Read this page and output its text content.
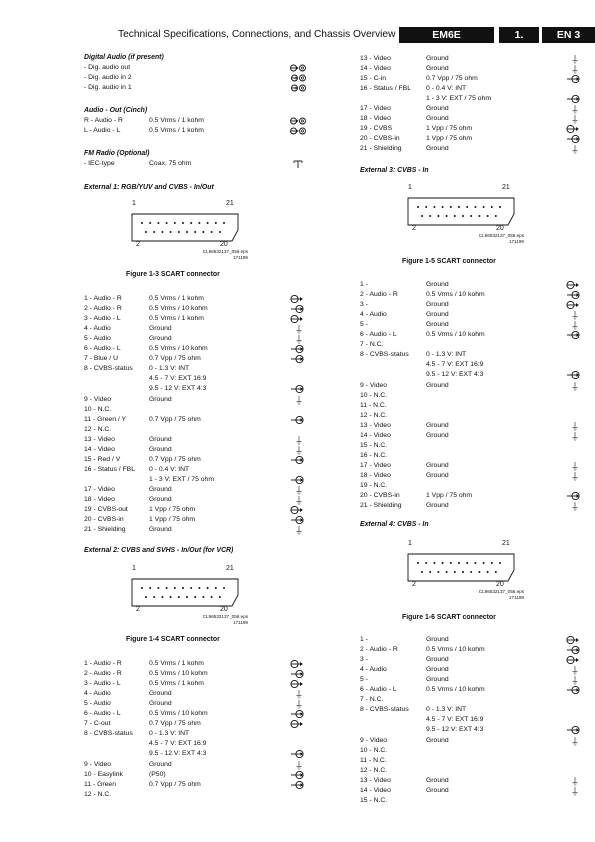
Technical Specifications, Connections, and Chassis Overview	EM6E	1.	EN 3
Digital Audio (if present)
- Dig. audio out
- Dig. audio in 2
- Dig. audio in 1
Audio - Out (Cinch)
R - Audio - R	0.5 Vrms / 1 kohm
L - Audio - L	0.5 Vrms / 1 kohm
FM Radio (Optional)
- IEC-type	Coax, 75 ohm
External 1: RGB/YUV and CVBS - In/Out
1	21
2	20
CL96532137_056.eps
171199
Figure 1-3 SCART connector
1 - Audio - R	0.5 Vrms / 1 kohm
2 - Audio - R	0.5 Vrms / 10 kohm
3 - Audio - L	0.5 Vrms / 1 kohm
4 - Audio	Ground
5 - Audio	Ground
6 - Audio - L	0.5 Vrms / 10 kohm
7 - Blue / U	0.7 Vpp / 75 ohm
8 - CVBS-status 0 - 1.3 V: INT
4.5 - 7 V: EXT 16:9
9.5 - 12 V: EXT 4:3
9 - Video	Ground
10 - N.C.
11 - Green / Y	0.7 Vpp / 75 ohm
12 - N.C.
13 - Video	Ground
14 - Video	Ground
15 - Red / V	0.7 Vpp / 75 ohm
16 - Status / FBL 0 - 0.4 V: INT
1 - 3 V: EXT / 75 ohm
17 - Video	Ground
18 - Video	Ground
19 - CVBS-out	1 Vpp / 75 ohm
20 - CVBS-in	1 Vpp / 75 ohm
21 - Shielding	Ground
External 2: CVBS and SVHS - In/Out (for VCR)
1	21
2	20
CL96532137_056.eps
171199
Figure 1-4 SCART connector
1 - Audio - R	0.5 Vrms / 1 kohm
2 - Audio - R	0.5 Vrms / 10 kohm
3 - Audio - L	0.5 Vrms / 1 kohm
4 - Audio	Ground
5 - Audio	Ground
6 - Audio - L	0.5 Vrms / 10 kohm
7 - C-out	0.7 Vpp / 75 ohm
8 - CVBS-status 0 - 1.3 V: INT
4.5 - 7 V: EXT 16:9
9.5 - 12 V: EXT 4:3
9 - Video	Ground
10 - Easylink	(P50)
11 - Green	0.7 Vpp / 75 ohm
12 - N.C.
13 - Video	Ground
14 - Video	Ground
15 - C-in	0.7 Vpp / 75 ohm
16 - Status / FBL 0 - 0.4 V: INT
1 - 3 V: EXT / 75 ohm
17 - Video	Ground
18 - Video	Ground
19 - CVBS	1 Vpp / 75 ohm
20 - CVBS-in	1 Vpp / 75 ohm
21 - Shielding	Ground
External 3: CVBS - In
1	21
2	20
CL96532137_056.eps
171199
Figure 1-5 SCART connector
1 -	Ground
2 - Audio - R	0.5 Vrms / 10 kohm
3 -	Ground
4 - Audio	Ground
5 -	Ground
6 - Audio - L	0.5 Vrms / 10 kohm
7 - N.C.
8 - CVBS-status	0 - 1.3 V: INT
4.5 - 7 V: EXT 16:9
9.5 - 12 V: EXT 4:3
9 - Video	Ground
10 - N.C.
11 - N.C.
12 - N.C.
13 - Video	Ground
14 - Video	Ground
15 - N.C.
16 - N.C.
17 - Video	Ground
18 - Video	Ground
19 - N.C.
20 - CVBS-in	1 Vpp / 75 ohm
21 - Shielding	Ground
External 4: CVBS - In
1	21
2	20
CL96532137_056.eps
171199
Figure 1-6 SCART connector
1 -	Ground
2 - Audio - R	0.5 Vrms / 10 kohm
3 -	Ground
4 - Audio	Ground
5 -	Ground
6 - Audio - L	0.5 Vrms / 10 kohm
7 - N.C.
8 - CVBS-status	0 - 1.3 V: INT
4.5 - 7 V: EXT 16:9
9.5 - 12 V: EXT 4:3
9 - Video	Ground
10 - N.C.
11 - N.C.
12 - N.C.
13 - Video	Ground
14 - Video	Ground
15 - N.C.
